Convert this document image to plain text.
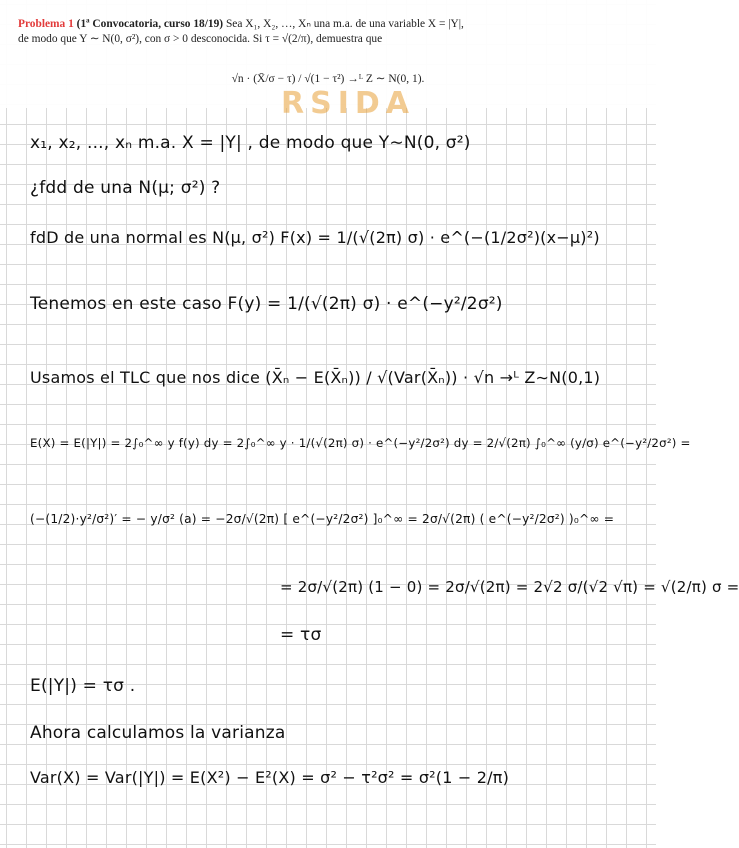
Problema 1 (1ª Convocatoria, curso 18/19) Sea X₁, X₂, …, Xₙ una m.a. de una variable X = |Y|,
de modo que Y ∼ N(0, σ²), con σ > 0 desconocida. Si τ = √(2/π), demuestra que
√n · (X̄/σ − τ) / √(1 − τ²) →ᴸ Z ∼ N(0, 1).
RSIDA
x₁, x₂, ..., xₙ m.a. X = |Y| , de modo que Y∼N(0, σ²)
¿fdd de una N(μ; σ²) ?
fdD de una normal es N(μ, σ²) F(x) = 1/(√(2π) σ) · e^(−(1/2σ²)(x−μ)²)
Tenemos en este caso F(y) = 1/(√(2π) σ) · e^(−y²/2σ²)
Usamos el TLC que nos dice (X̄ₙ − E(X̄ₙ)) / √(Var(X̄ₙ)) · √n →ᴸ Z∼N(0,1)
E(X) = E(|Y|) = 2∫₀^∞ y f(y) dy = 2∫₀^∞ y · 1/(√(2π) σ) · e^(−y²/2σ²) dy = 2/√(2π) ∫₀^∞ (y/σ) e^(−y²/2σ²) =
(−(1/2)·y²/σ²)′ = − y/σ² (a) = −2σ/√(2π) [ e^(−y²/2σ²) ]₀^∞ = 2σ/√(2π) ( e^(−y²/2σ²) )₀^∞ =
= 2σ/√(2π) (1 − 0) = 2σ/√(2π) = 2√2 σ/(√2 √π) = √(2/π) σ =
= τσ
E(|Y|) = τσ .
Ahora calculamos la varianza
Var(X) = Var(|Y|) = E(X²) − E²(X) = σ² − τ²σ² = σ²(1 − 2/π)
